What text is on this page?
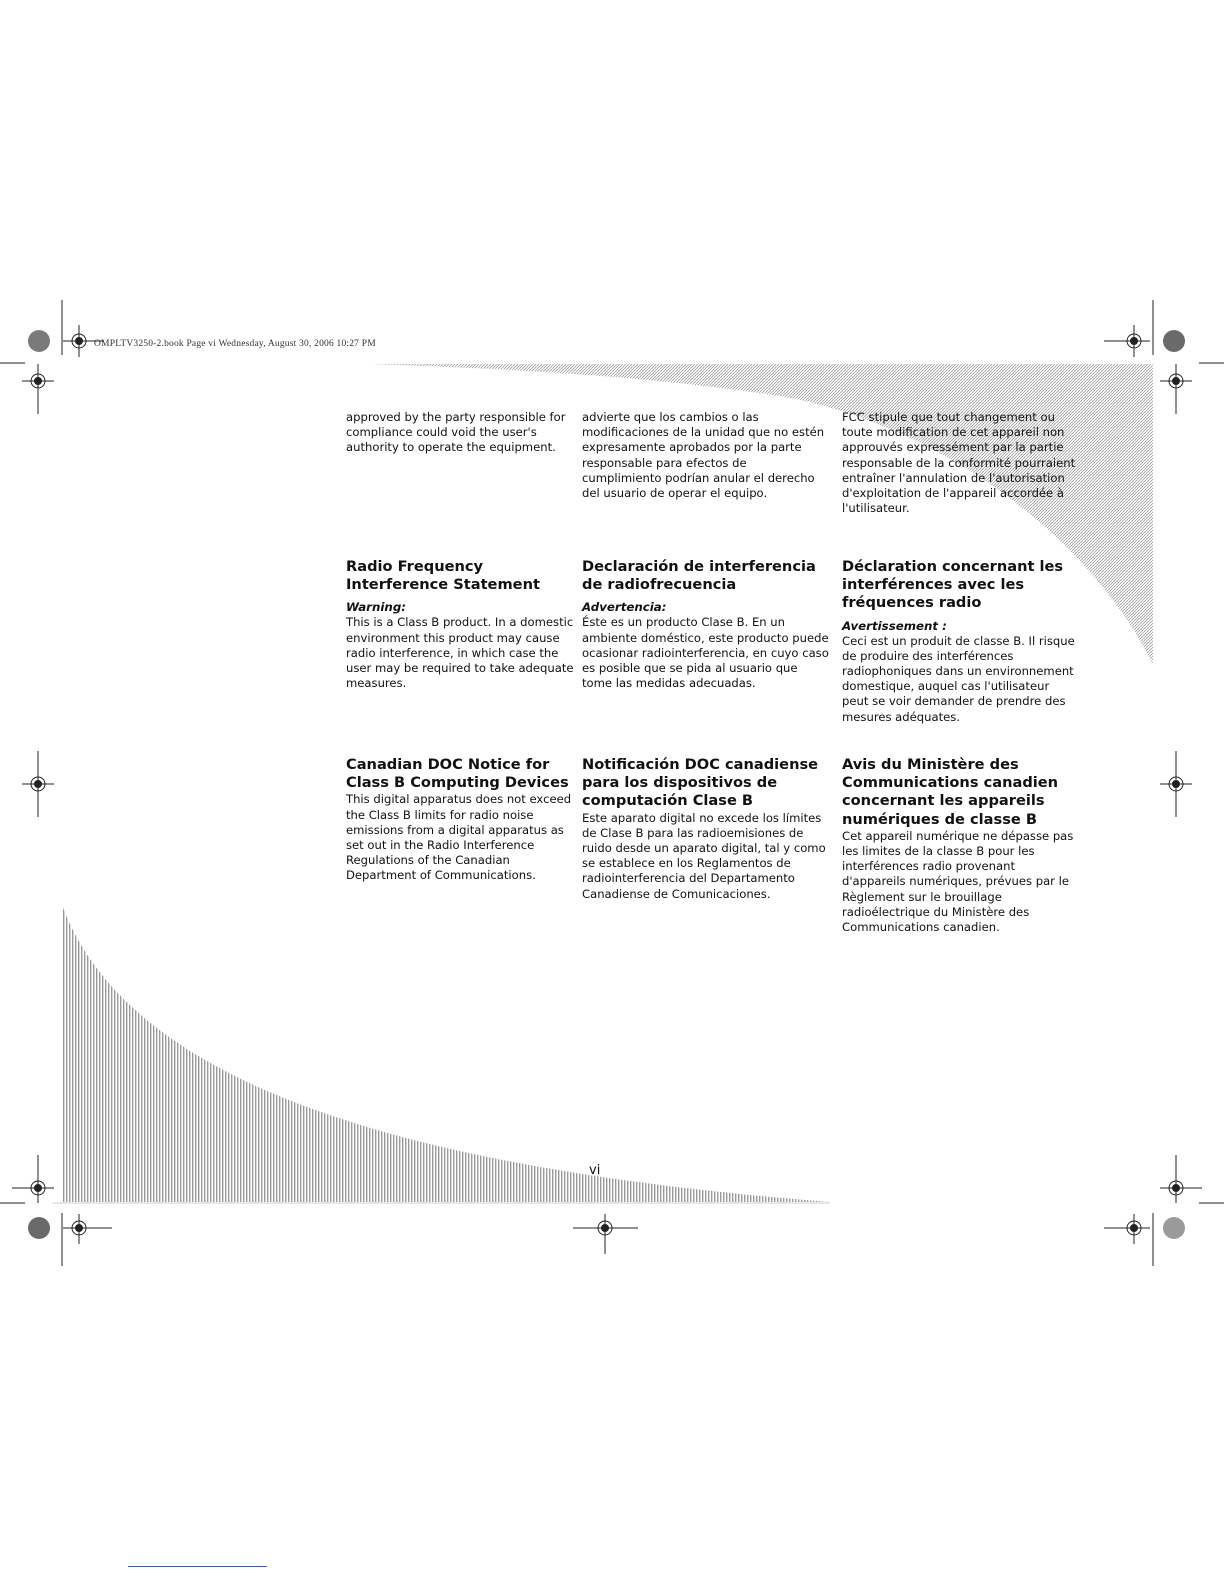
OMPLTV3250-2.book Page vi Wednesday, August 30, 2006 10:27 PM

approved by the party responsible for compliance could void the user's authority to operate the equipment.

Radio Frequency Interference Statement

Warning:

This is a Class B product. In a domestic environment this product may cause radio interference, in which case the user may be required to take adequate measures.

Canadian DOC Notice for Class B Computing Devices

This digital apparatus does not exceed the Class B limits for radio noise emissions from a digital apparatus as set out in the Radio Interference Regulations of the Canadian Department of Communications.

advierte que los cambios o las modificaciones de la unidad que no estén expresamente aprobados por la parte responsable para efectos de cumplimiento podrían anular el derecho del usuario de operar el equipo.

Declaración de interferencia de radiofrecuencia

Advertencia:

Éste es un producto Clase B. En un ambiente doméstico, este producto puede ocasionar radiointerferencia, en cuyo caso es posible que se pida al usuario que tome las medidas adecuadas.

Notificación DOC canadiense para los dispositivos de computación Clase B

Este aparato digital no excede los límites de Clase B para las radioemisiones de ruido desde un aparato digital, tal y como se establece en los Reglamentos de radiointerferencia del Departamento Canadiense de Comunicaciones.

FCC stipule que tout changement ou toute modification de cet appareil non approuvés expressément par la partie responsable de la conformité pourraient entraîner l'annulation de l'autorisation d'exploitation de l'appareil accordée à l'utilisateur.

Déclaration concernant les interférences avec les fréquences radio

Avertissement :

Ceci est un produit de classe B. Il risque de produire des interférences radiophoniques dans un environnement domestique, auquel cas l'utilisateur peut se voir demander de prendre des mesures adéquates.

Avis du Ministère des Communications canadien concernant les appareils numériques de classe B

Cet appareil numérique ne dépasse pas les limites de la classe B pour les interférences radio provenant d'appareils numériques, prévues par le Règlement sur le brouillage radioélectrique du Ministère des Communications canadien.

vi
